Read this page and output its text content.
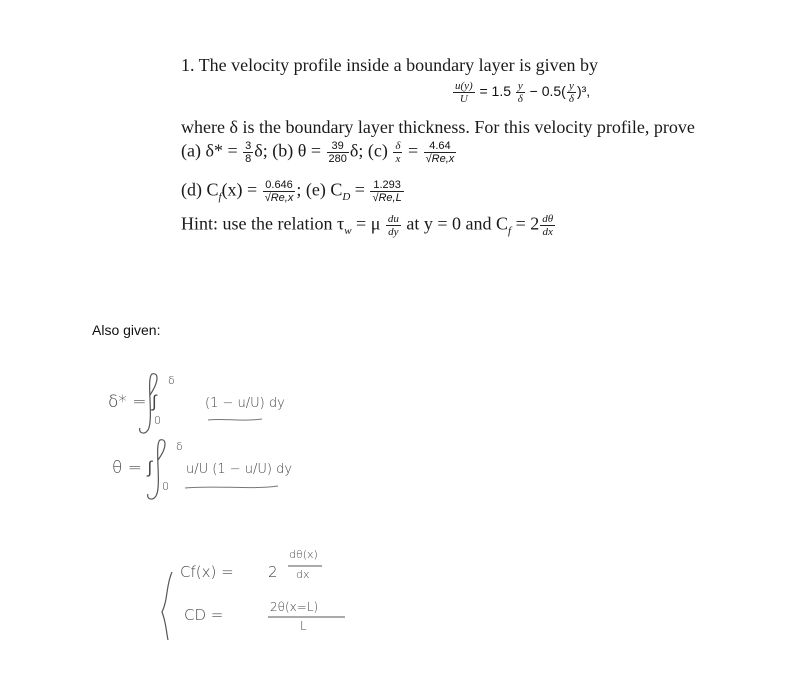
1. The velocity profile inside a boundary layer is given by
$\frac{u(y)}{U} = 1.5 \frac{y}{\delta} - 0.5( \frac{y}{\delta} )^3$,
where δ is the boundary layer thickness. For this velocity profile, prove
(a) $\delta* = \frac{3}{8} \delta$; (b) $\theta = \frac{39}{280} \delta$; $(c) \frac{\delta}{x} = \frac{4.64}{√Re,x}$
(d) $C_f(x) = \frac{0.646}{√Re,x}$ ; (e) $C_D = \frac{1.293}{√Re,L}$
Hint: use the relation $\tau_w = \mu \frac{du}{dy}$ at y = 0 and $C_f = 2 \frac{d\theta}{dx}$
Also given:
δ* = ∫
δ
0
(1 − u/U) dy
θ = ∫
δ
0
u/U (1 − u/U) dy
Cf(x) = 2
dθ(x)
dx
CD =	2θ(x=L)
L
